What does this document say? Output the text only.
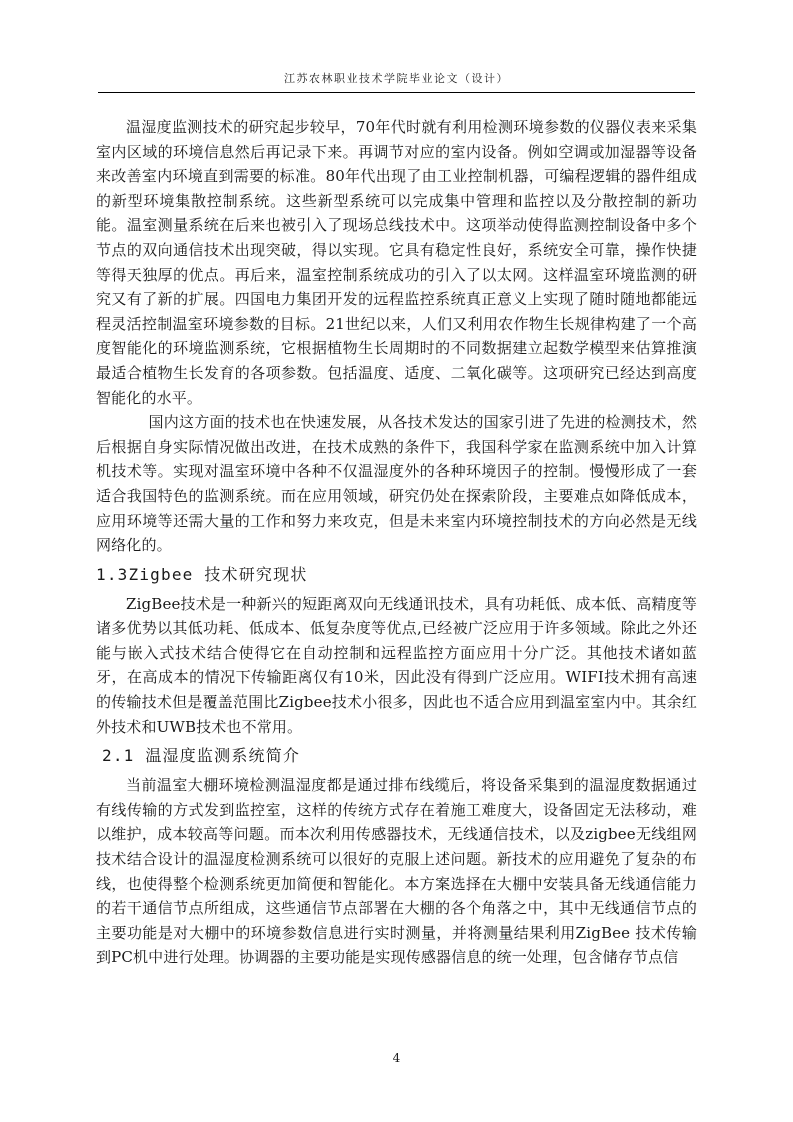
江苏农林职业技术学院毕业论文（设计）

温湿度监测技术的研究起步较早，70年代时就有利用检测环境参数的仪器仪表来采集室内区域的环境信息然后再记录下来。再调节对应的室内设备。例如空调或加湿器等设备来改善室内环境直到需要的标准。80年代出现了由工业控制机器，可编程逻辑的器件组成的新型环境集散控制系统。这些新型系统可以完成集中管理和监控以及分散控制的新功能。温室测量系统在后来也被引入了现场总线技术中。这项举动使得监测控制设备中多个节点的双向通信技术出现突破，得以实现。它具有稳定性良好，系统安全可靠，操作快捷等得天独厚的优点。再后来，温室控制系统成功的引入了以太网。这样温室环境监测的研究又有了新的扩展。四国电力集团开发的远程监控系统真正意义上实现了随时随地都能远程灵活控制温室环境参数的目标。21世纪以来，人们又利用农作物生长规律构建了一个高度智能化的环境监测系统，它根据植物生长周期时的不同数据建立起数学模型来估算推演最适合植物生长发育的各项参数。包括温度、适度、二氧化碳等。这项研究已经达到高度智能化的水平。

国内这方面的技术也在快速发展，从各技术发达的国家引进了先进的检测技术，然后根据自身实际情况做出改进，在技术成熟的条件下，我国科学家在监测系统中加入计算机技术等。实现对温室环境中各种不仅温湿度外的各种环境因子的控制。慢慢形成了一套适合我国特色的监测系统。而在应用领域，研究仍处在探索阶段，主要难点如降低成本，应用环境等还需大量的工作和努力来攻克，但是未来室内环境控制技术的方向必然是无线网络化的。

1.3Zigbee 技术研究现状

ZigBee技术是一种新兴的短距离双向无线通讯技术，具有功耗低、成本低、高精度等诸多优势以其低功耗、低成本、低复杂度等优点,已经被广泛应用于许多领域。除此之外还能与嵌入式技术结合使得它在自动控制和远程监控方面应用十分广泛。其他技术诸如蓝牙，在高成本的情况下传输距离仅有10米，因此没有得到广泛应用。WIFI技术拥有高速的传输技术但是覆盖范围比Zigbee技术小很多，因此也不适合应用到温室室内中。其余红外技术和UWB技术也不常用。

2.1 温湿度监测系统简介

当前温室大棚环境检测温湿度都是通过排布线缆后，将设备采集到的温湿度数据通过有线传输的方式发到监控室，这样的传统方式存在着施工难度大，设备固定无法移动，难以维护，成本较高等问题。而本次利用传感器技术，无线通信技术，以及zigbee无线组网技术结合设计的温湿度检测系统可以很好的克服上述问题。新技术的应用避免了复杂的布线，也使得整个检测系统更加简便和智能化。本方案选择在大棚中安装具备无线通信能力的若干通信节点所组成，这些通信节点部署在大棚的各个角落之中，其中无线通信节点的主要功能是对大棚中的环境参数信息进行实时测量，并将测量结果利用ZigBee 技术传输到PC机中进行处理。协调器的主要功能是实现传感器信息的统一处理，包含储存节点信

4
